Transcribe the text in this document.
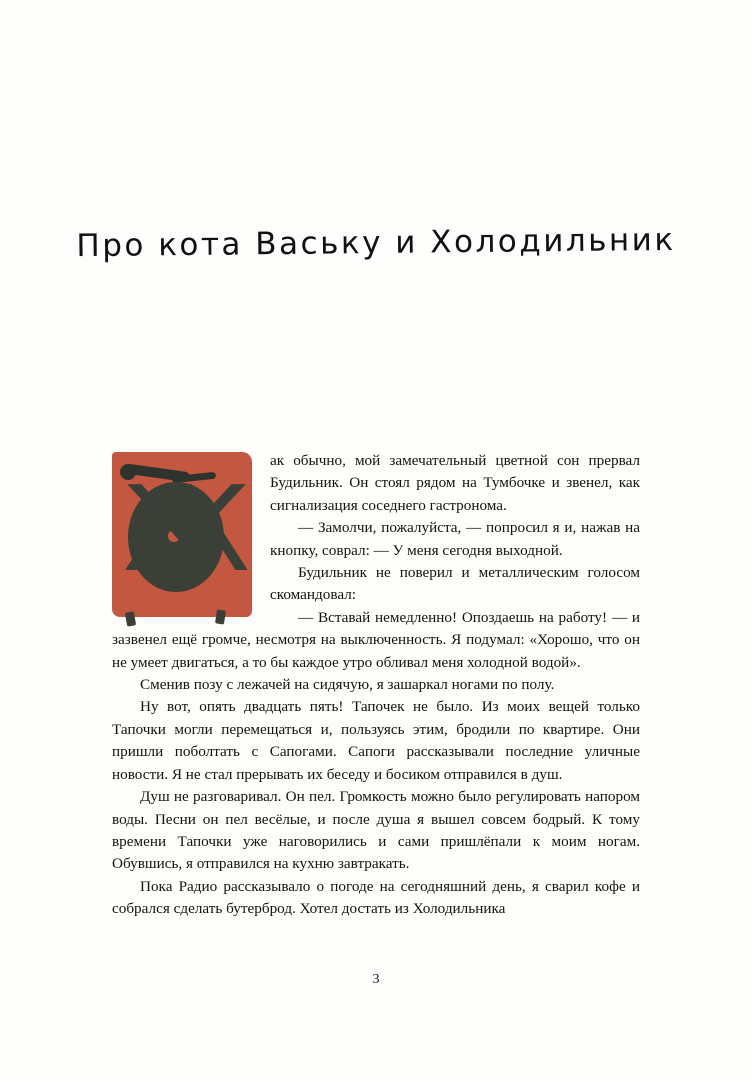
Про кота Ваську и Холодильник
Ж	ак обычно, мой замечательный цветной сон прервал Будильник. Он стоял рядом на Тумбочке и звенел, как сигнализация соседнего гастронома.

— Замолчи, пожалуйста, — попросил я и, нажав на кнопку, соврал: — У меня сегодня выходной.

Будильник не поверил и металлическим голосом скомандовал:

— Вставай немедленно! Опоздаешь на работу! — и зазвенел ещё громче, несмотря на выключенность. Я подумал: «Хорошо, что он не умеет двигаться, а то бы каждое утро обливал меня холодной водой».

Сменив позу с лежачей на сидячую, я зашаркал ногами по полу.

Ну вот, опять двадцать пять! Тапочек не было. Из моих вещей только Тапочки могли перемещаться и, пользуясь этим, бродили по квартире. Они пришли поболтать с Сапогами. Сапоги рассказывали последние уличные новости. Я не стал прерывать их беседу и босиком отправился в душ.

Душ не разговаривал. Он пел. Громкость можно было регулировать напором воды. Песни он пел весёлые, и после душа я вышел совсем бодрый. К тому времени Тапочки уже наговорились и сами пришлёпали к моим ногам. Обувшись, я отправился на кухню завтракать.

Пока Радио рассказывало о погоде на сегодняшний день, я сварил кофе и собрался сделать бутерброд. Хотел достать из Холодильника

3
